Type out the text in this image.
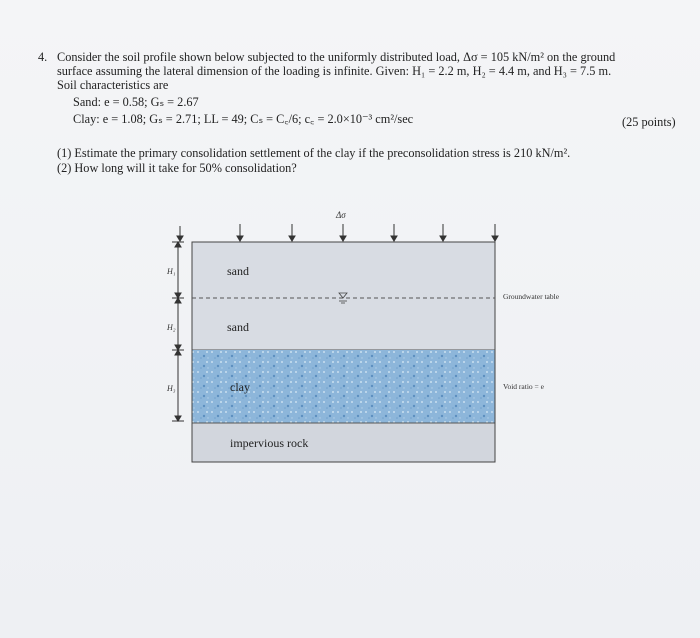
4. Consider the soil profile shown below subjected to the uniformly distributed load, Δσ = 105 kN/m² on the ground
surface assuming the lateral dimension of the loading is infinite. Given: H₁ = 2.2 m, H₂ = 4.4 m, and H₃ = 7.5 m.
Soil characteristics are
Sand: e = 0.58; Gₛ = 2.67
Clay: e = 1.08; Gₛ = 2.71; LL = 49; Cₛ = C꜀/6; c꜀ = 2.0×10⁻³ cm²/sec	(25 points)
(1) Estimate the primary consolidation settlement of the clay if the preconsolidation stress is 210 kN/m².
(2) How long will it take for 50% consolidation?
Δσ
H₁
H₂
H₃
sand
sand
clay
impervious rock
Groundwater table
Void ratio = e
